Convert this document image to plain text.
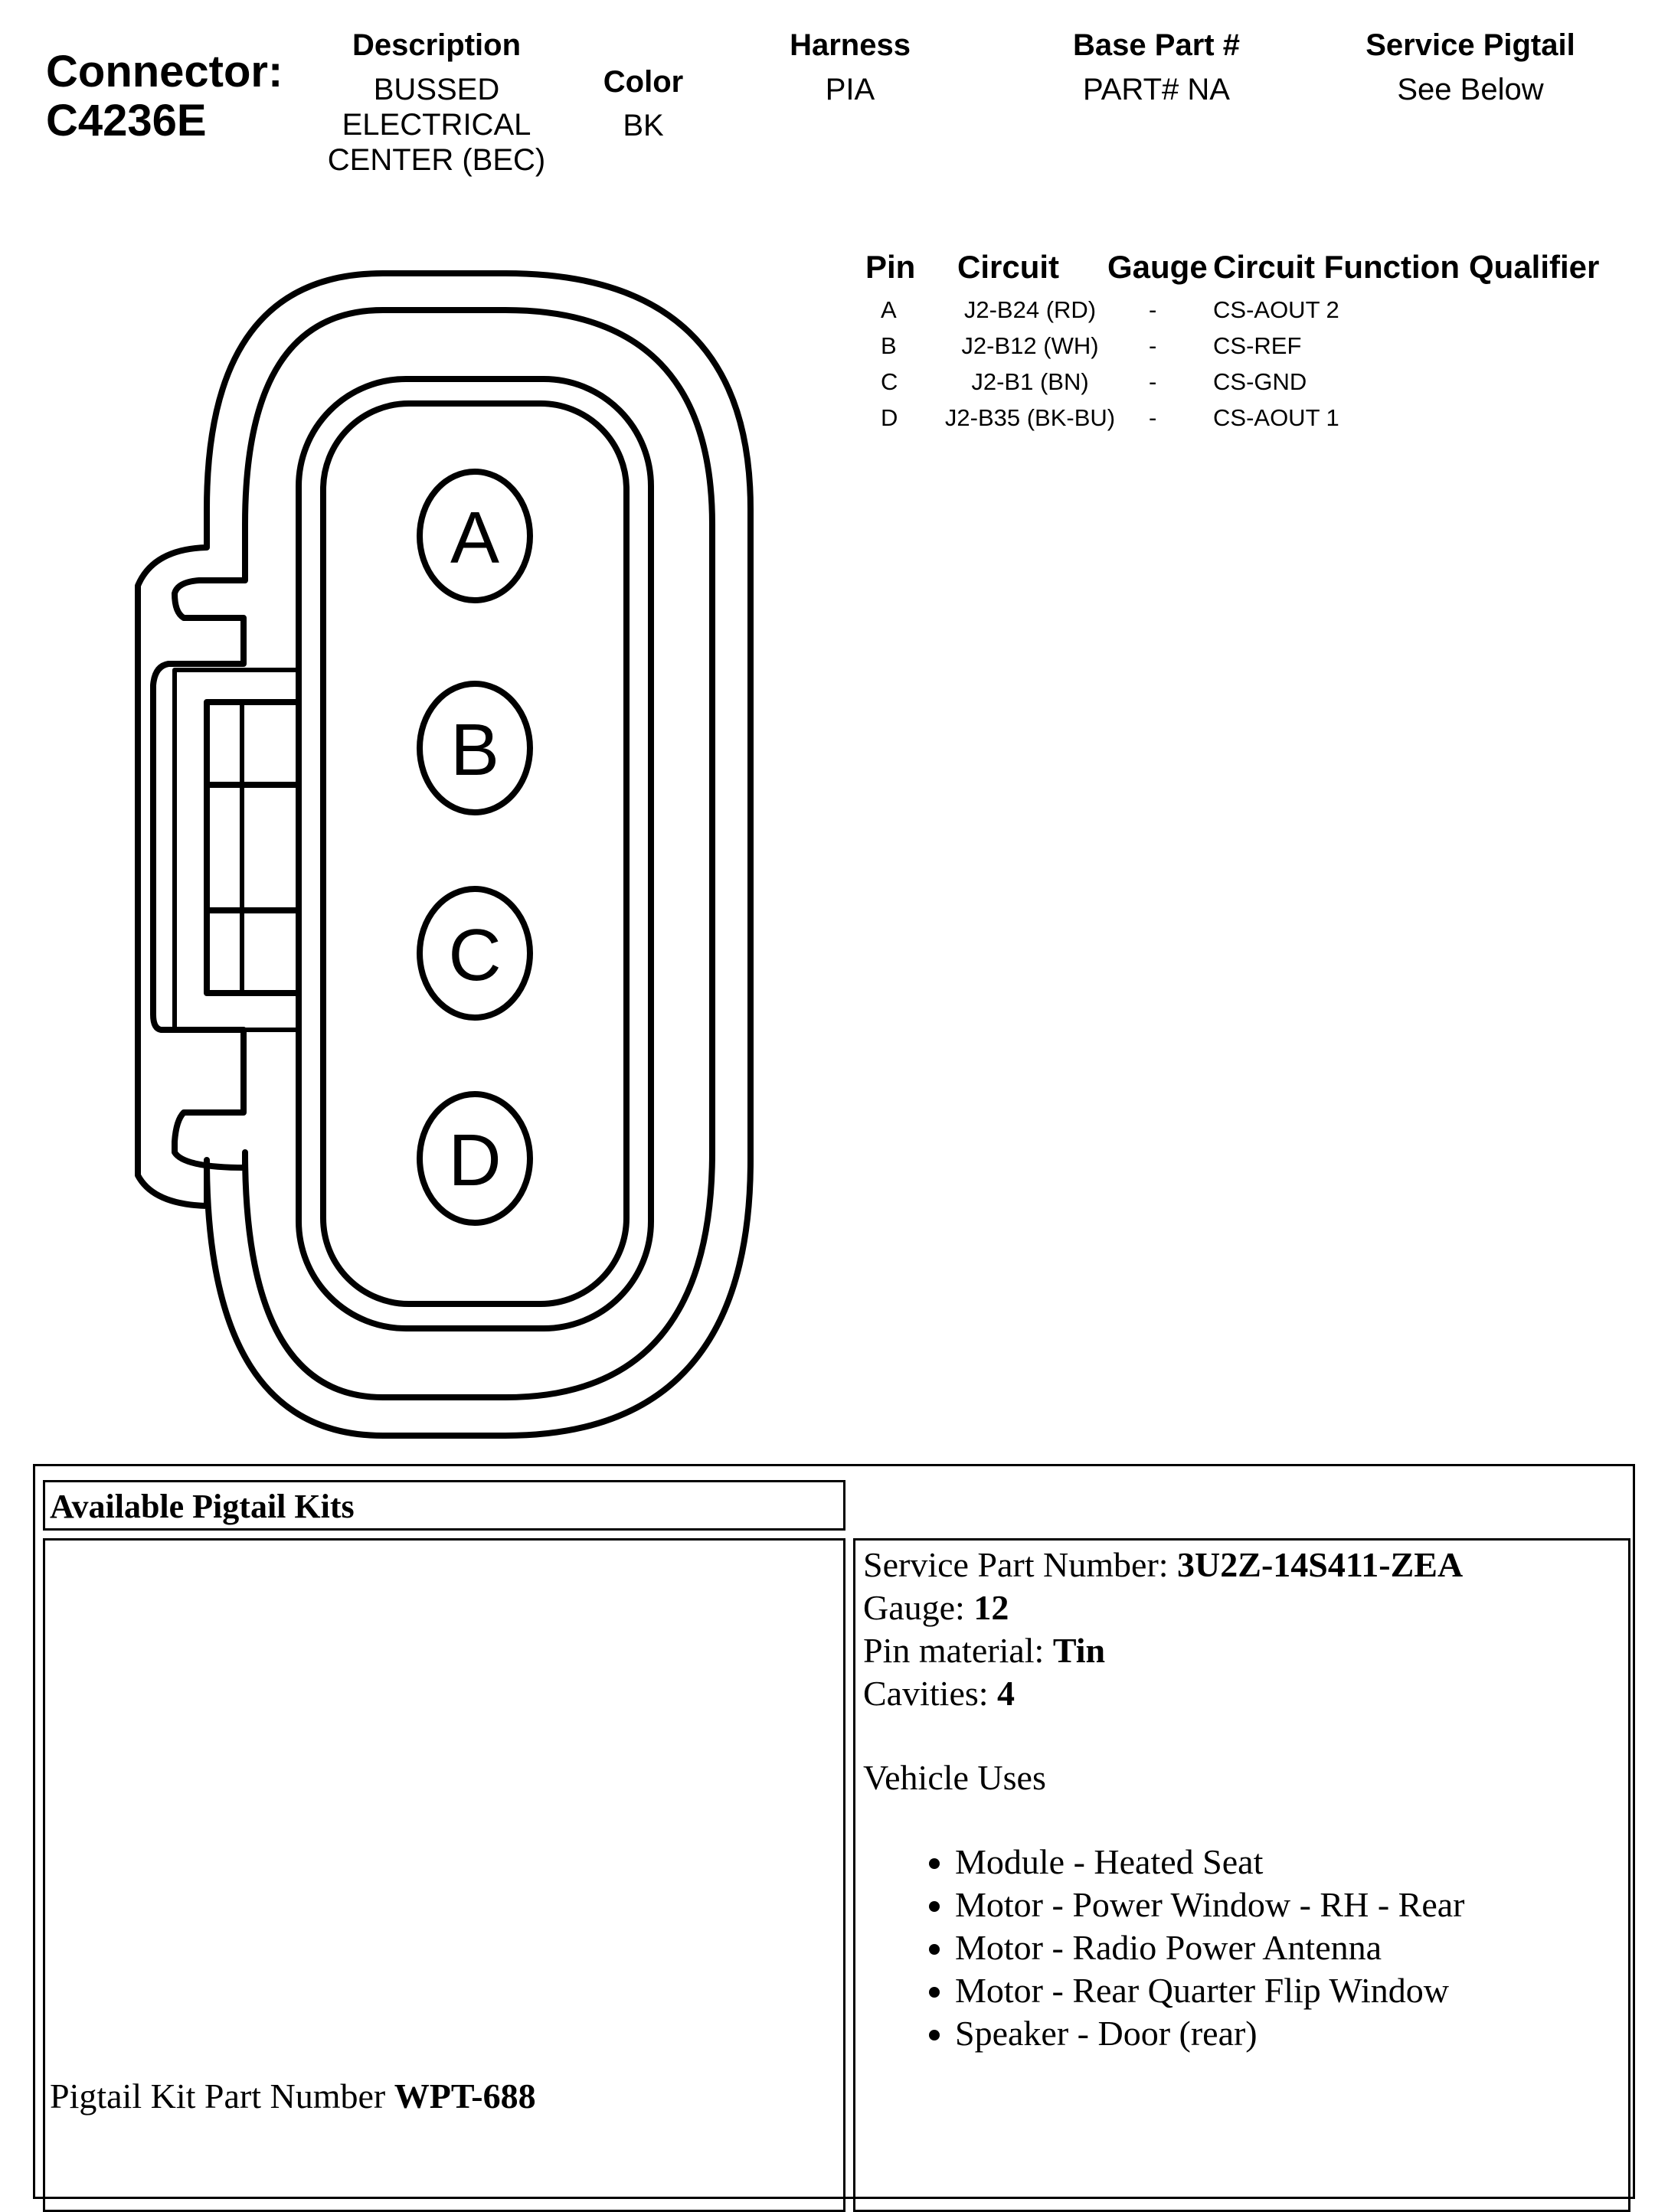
Connector:
C4236E
Description
BUSSED
ELECTRICAL
CENTER (BEC)
Color
BK
Harness
PIA
Base Part #
PART# NA
Service Pigtail
See Below
Pin Circuit Gauge Circuit Function Qualifier
A	J2-B24 (RD)	- CS-AOUT 2
B	J2-B12 (WH)	- CS-REF
C	J2-B1 (BN)	- CS-GND
D	J2-B35 (BK-BU)	- CS-AOUT 1
A
B
C
D
Available Pigtail Kits
Pigtail Kit Part Number WPT-688
Service Part Number: 3U2Z-14S411-ZEA
Gauge: 12
Pin material: Tin
Cavities: 4
Vehicle Uses
• Module - Heated Seat
• Motor - Power Window - RH - Rear
• Motor - Radio Power Antenna
• Motor - Rear Quarter Flip Window
• Speaker - Door (rear)
